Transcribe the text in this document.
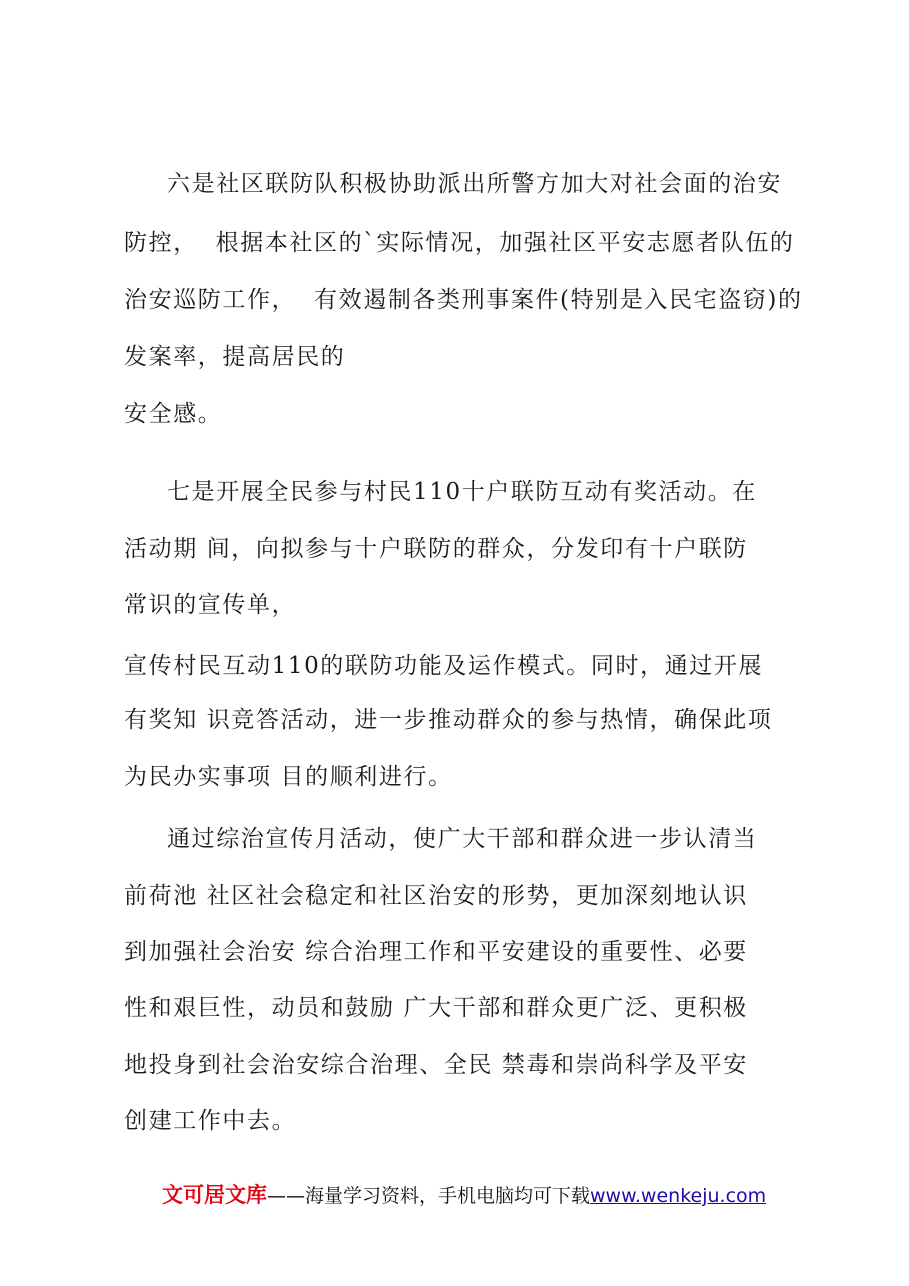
六是社区联防队积极协助派出所警方加大对社会面的治安
防控，  根据本社区的`实际情况，加强社区平安志愿者队伍的
治安巡防工作，  有效遏制各类刑事案件(特别是入民宅盗窃)的
发案率，提高居民的
安全感。
七是开展全民参与村民110十户联防互动有奖活动。在
活动期 间，向拟参与十户联防的群众，分发印有十户联防
常识的宣传单，
宣传村民互动110的联防功能及运作模式。同时，通过开展
有奖知 识竞答活动，进一步推动群众的参与热情，确保此项
为民办实事项 目的顺利进行。
通过综治宣传月活动，使广大干部和群众进一步认清当
前荷池 社区社会稳定和社区治安的形势，更加深刻地认识
到加强社会治安 综合治理工作和平安建设的重要性、必要
性和艰巨性，动员和鼓励 广大干部和群众更广泛、更积极
地投身到社会治安综合治理、全民 禁毒和崇尚科学及平安
创建工作中去。
文可居文库——海量学习资料，手机电脑均可下载www.wenkeju.com
